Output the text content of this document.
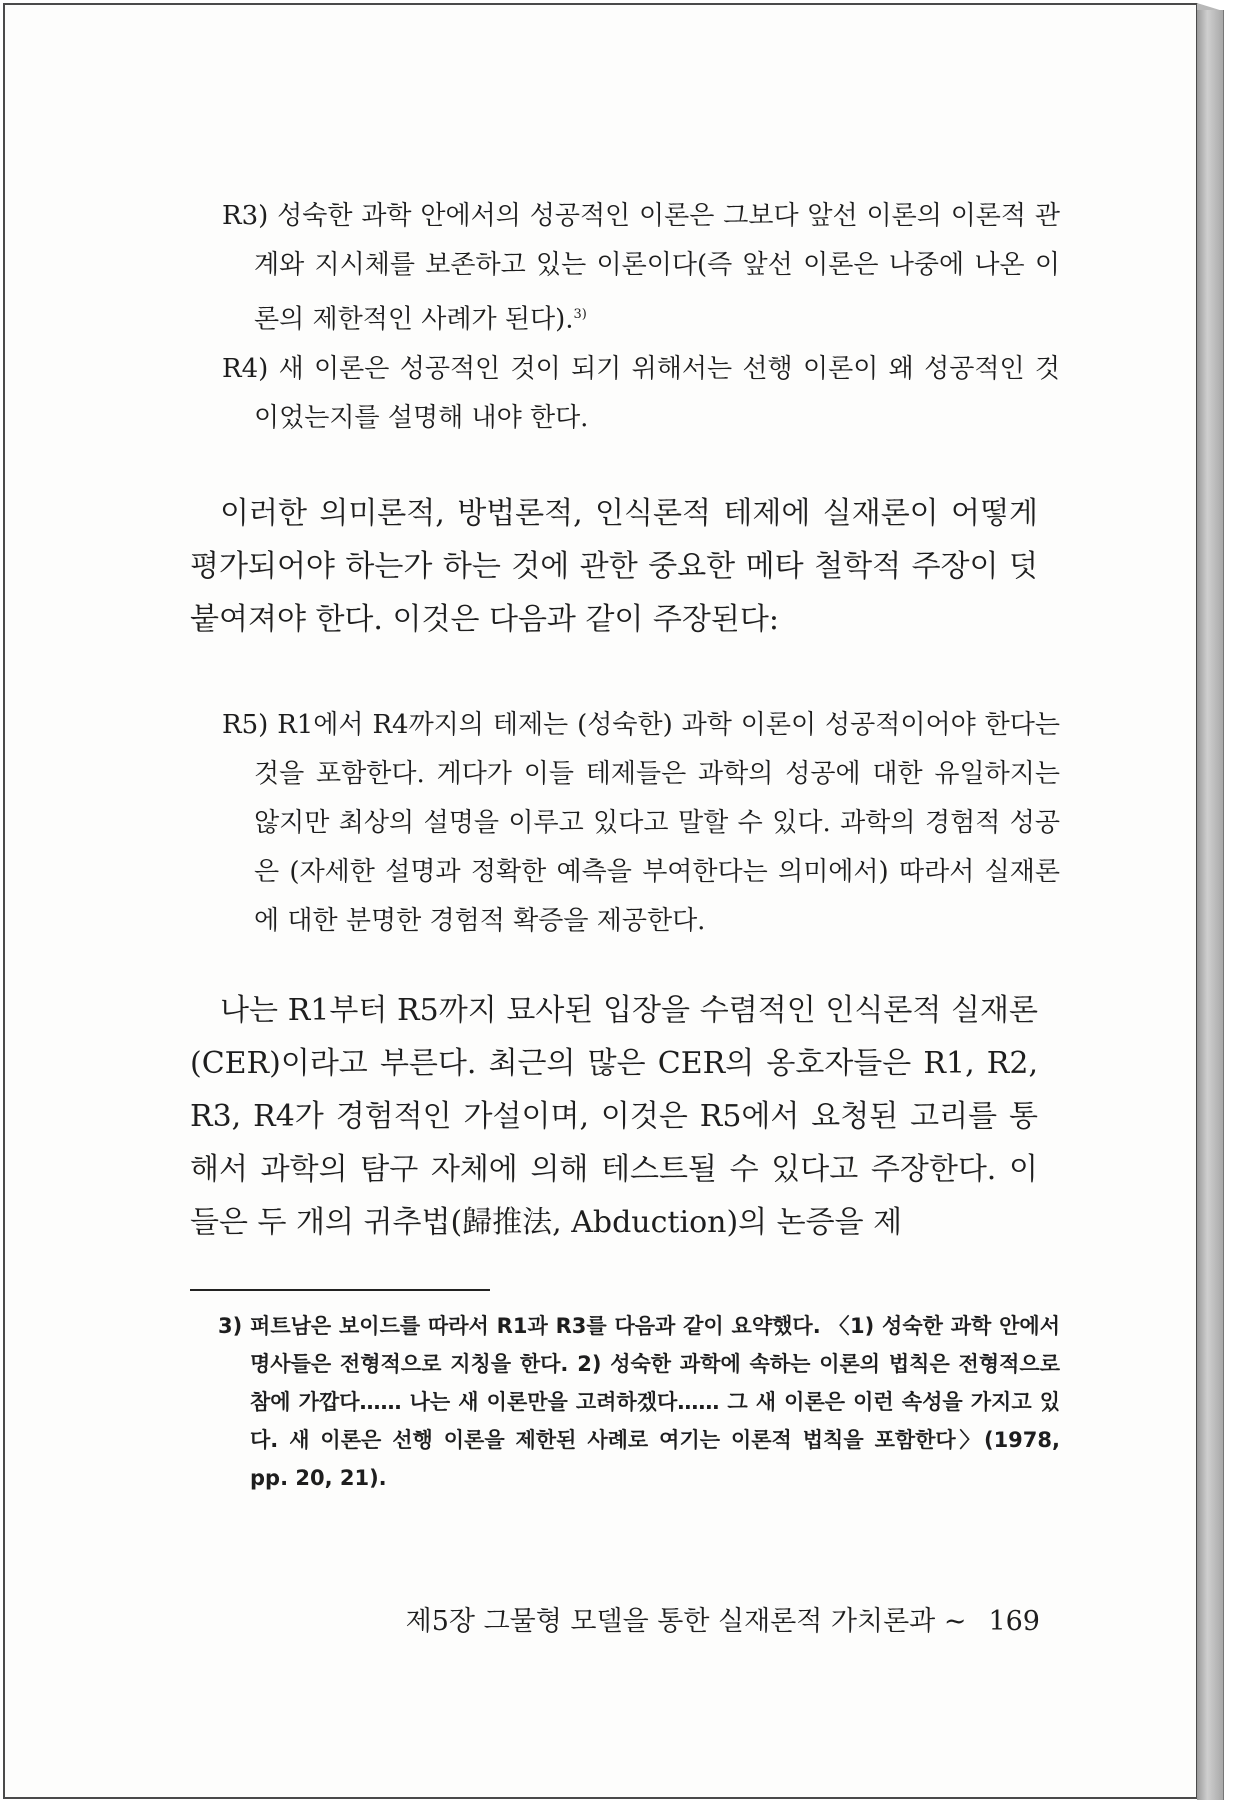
R3) 성숙한 과학 안에서의 성공적인 이론은 그보다 앞선 이론의 이론적 관계와 지시체를 보존하고 있는 이론이다(즉 앞선 이론은 나중에 나온 이론의 제한적인 사례가 된다).$^{3)}$

R4) 새 이론은 성공적인 것이 되기 위해서는 선행 이론이 왜 성공적인 것이었는지를 설명해 내야 한다.

이러한 의미론적, 방법론적, 인식론적 테제에 실재론이 어떻게 평가되어야 하는가 하는 것에 관한 중요한 메타 철학적 주장이 덧붙여져야 한다. 이것은 다음과 같이 주장된다:

R5) R1에서 R4까지의 테제는 (성숙한) 과학 이론이 성공적이어야 한다는 것을 포함한다. 게다가 이들 테제들은 과학의 성공에 대한 유일하지는 않지만 최상의 설명을 이루고 있다고 말할 수 있다. 과학의 경험적 성공은 (자세한 설명과 정확한 예측을 부여한다는 의미에서) 따라서 실재론에 대한 분명한 경험적 확증을 제공한다.

나는 R1부터 R5까지 묘사된 입장을 수렴적인 인식론적 실재론(CER)이라고 부른다. 최근의 많은 CER의 옹호자들은 R1, R2, R3, R4가 경험적인 가설이며, 이것은 R5에서 요청된 고리를 통해서 과학의 탐구 자체에 의해 테스트될 수 있다고 주장한다. 이들은 두 개의 귀추법(歸推法, Abduction)의 논증을 제

3) 퍼트남은 보이드를 따라서 R1과 R3를 다음과 같이 요약했다. 〈1) 성숙한 과학 안에서 명사들은 전형적으로 지칭을 한다. 2) 성숙한 과학에 속하는 이론의 법칙은 전형적으로 참에 가깝다…… 나는 새 이론만을 고려하겠다…… 그 새 이론은 이런 속성을 가지고 있다. 새 이론은 선행 이론을 제한된 사례로 여기는 이론적 법칙을 포함한다〉(1978, pp. 20, 21).

제5장 그물형 모델을 통한 실재론적 가치론과 ~ 169
